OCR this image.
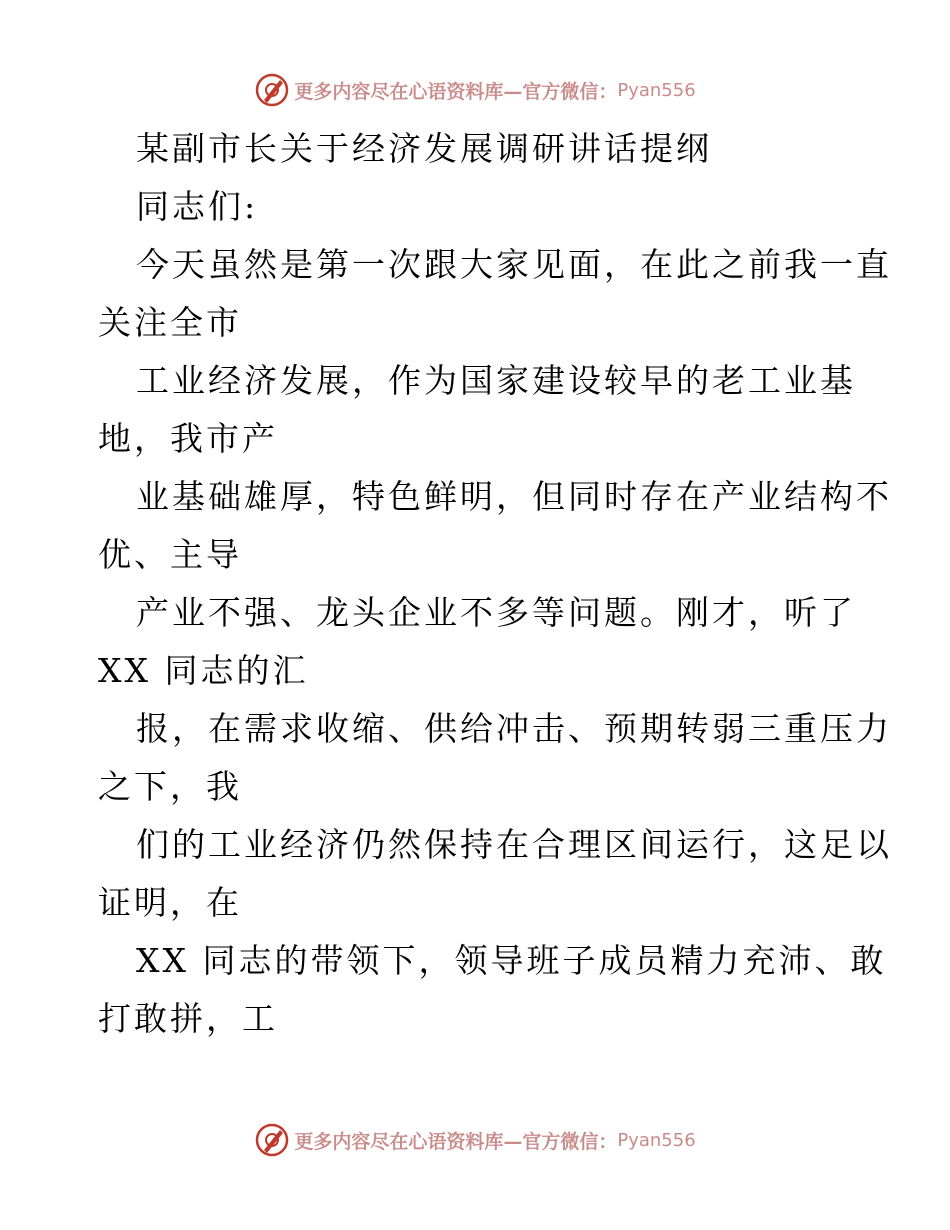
更多内容尽在心语资料库—官方微信： Pyan556
某副市长关于经济发展调研讲话提纲
同志们:
今天虽然是第一次跟大家见面，在此之前我一直
关注全市
工业经济发展，作为国家建设较早的老工业基
地，我市产
业基础雄厚，特色鲜明，但同时存在产业结构不
优、主导
产业不强、龙头企业不多等问题。刚才，听了
XX 同志的汇
报，在需求收缩、供给冲击、预期转弱三重压力
之下，我
们的工业经济仍然保持在合理区间运行，这足以
证明，在
XX 同志的带领下，领导班子成员精力充沛、敢
打敢拼，工
更多内容尽在心语资料库—官方微信： Pyan556
